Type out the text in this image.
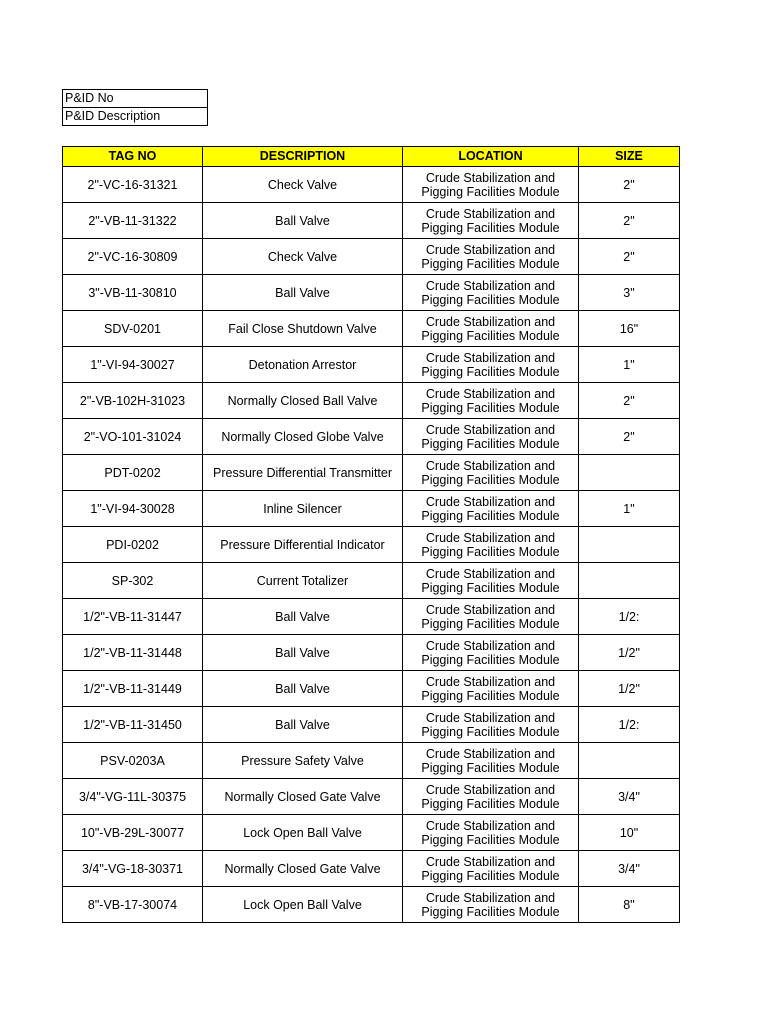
P&ID No
P&ID Description
TAG NO	DESCRIPTION	LOCATION	SIZE
2"-VC-16-31321	Check Valve	Crude Stabilization and Pigging Facilities Module	2"
2"-VB-11-31322	Ball Valve	Crude Stabilization and Pigging Facilities Module	2"
2"-VC-16-30809	Check Valve	Crude Stabilization and Pigging Facilities Module	2"
3"-VB-11-30810	Ball Valve	Crude Stabilization and Pigging Facilities Module	3"
SDV-0201	Fail Close Shutdown Valve	Crude Stabilization and Pigging Facilities Module	16"
1"-VI-94-30027	Detonation Arrestor	Crude Stabilization and Pigging Facilities Module	1"
2"-VB-102H-31023	Normally Closed Ball Valve	Crude Stabilization and Pigging Facilities Module	2"
2"-VO-101-31024	Normally Closed Globe Valve	Crude Stabilization and Pigging Facilities Module	2"
PDT-0202	Pressure Differential Transmitter	Crude Stabilization and Pigging Facilities Module	
1"-VI-94-30028	Inline Silencer	Crude Stabilization and Pigging Facilities Module	1"
PDI-0202	Pressure Differential Indicator	Crude Stabilization and Pigging Facilities Module	
SP-302	Current Totalizer	Crude Stabilization and Pigging Facilities Module	
1/2"-VB-11-31447	Ball Valve	Crude Stabilization and Pigging Facilities Module	1/2:
1/2"-VB-11-31448	Ball Valve	Crude Stabilization and Pigging Facilities Module	1/2"
1/2"-VB-11-31449	Ball Valve	Crude Stabilization and Pigging Facilities Module	1/2"
1/2"-VB-11-31450	Ball Valve	Crude Stabilization and Pigging Facilities Module	1/2:
PSV-0203A	Pressure Safety Valve	Crude Stabilization and Pigging Facilities Module	
3/4"-VG-11L-30375	Normally Closed Gate Valve	Crude Stabilization and Pigging Facilities Module	3/4"
10"-VB-29L-30077	Lock Open Ball Valve	Crude Stabilization and Pigging Facilities Module	10"
3/4"-VG-18-30371	Normally Closed Gate Valve	Crude Stabilization and Pigging Facilities Module	3/4"
8"-VB-17-30074	Lock Open Ball Valve	Crude Stabilization and Pigging Facilities Module	8"
